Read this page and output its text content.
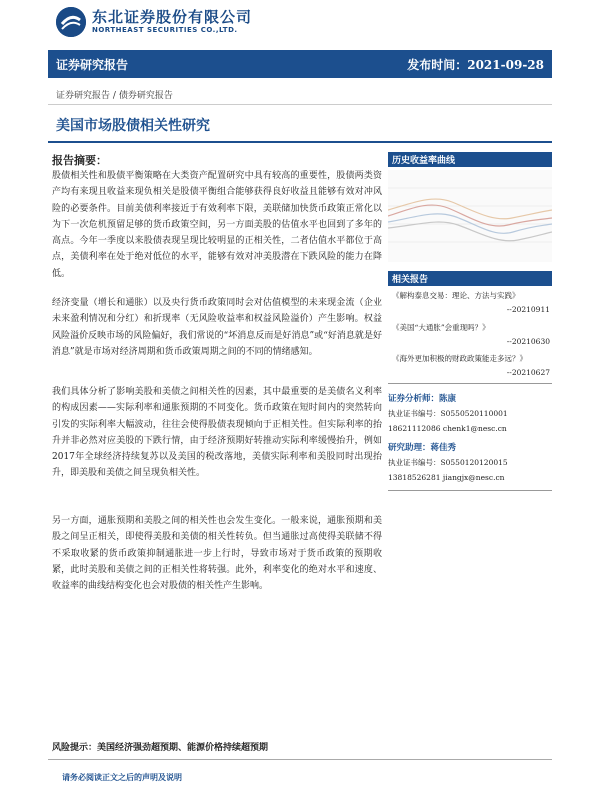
东北证券股份有限公司
NORTHEAST SECURITIES CO.,LTD.
证券研究报告	发布时间：2021-09-28
证券研究报告 / 债券研究报告
美国市场股债相关性研究
报告摘要：
股债相关性和股债平衡策略在大类资产配置研究中具有较高的重要性，股债两类资产均有来现且收益来现负相关是股债平衡组合能够获得良好收益且能够有效对冲风险的必要条件。目前美债利率接近于有效利率下限，美联储加快货币政策正常化以为下一次危机预留足够的货币政策空间，另一方面美股的估值水平也回到了多年的高点。今年一季度以来股债表现呈现比较明显的正相关性，二者估值水平都位于高点，美债利率在处于绝对低位的水平，能够有效对冲美股潜在下跌风险的能力在降低。
经济变量（增长和通胀）以及央行货币政策同时会对估值模型的未来现金流（企业未来盈利情况和分红）和折现率（无风险收益率和权益风险溢价）产生影响。权益风险溢价反映市场的风险偏好，我们常说的“坏消息反而是好消息”或“好消息就是好消息”就是市场对经济周期和货币政策周期之间的不同的情绪感知。
我们具体分析了影响美股和美债之间相关性的因素，其中最重要的是美债名义利率的构成因素——实际利率和通胀预期的不同变化。货币政策在短时间内的突然转向引发的实际利率大幅波动，往往会使得股债表现倾向于正相关性。但实际利率的抬升并非必然对应美股的下跌行情，由于经济预期好转推动实际利率缓慢抬升，例如2017年全球经济持续复苏以及美国的税改落地，美债实际利率和美股同时出现抬升，即美股和美债之间呈现负相关性。
另一方面，通胀预期和美股之间的相关性也会发生变化。一般来说，通胀预期和美股之间呈正相关，即使得美股和美债的相关性转负。但当通胀过高使得美联储不得不采取收紧的货币政策抑制通胀进一步上行时，导致市场对于货币政策的预期收紧，此时美股和美债之间的正相关性将转强。此外，利率变化的绝对水平和速度、收益率的曲线结构变化也会对股债的相关性产生影响。
历史收益率曲线
相关报告
《解构泰息交易：理论、方法与实践》
--20210911
《美国“大通胀”会重现吗？》
--20210630
《海外更加积极的财政政策能走多远？》
--20210627
证券分析师：陈康
执业证书编号：S0550520110001
18621112086 chenk1@nesc.cn
研究助理：蒋佳秀
执业证书编号：S0550120120015
13818526281 jiangjx@nesc.cn
风险提示：美国经济强劲超预期、能源价格持续超预期
请务必阅读正文之后的声明及说明
